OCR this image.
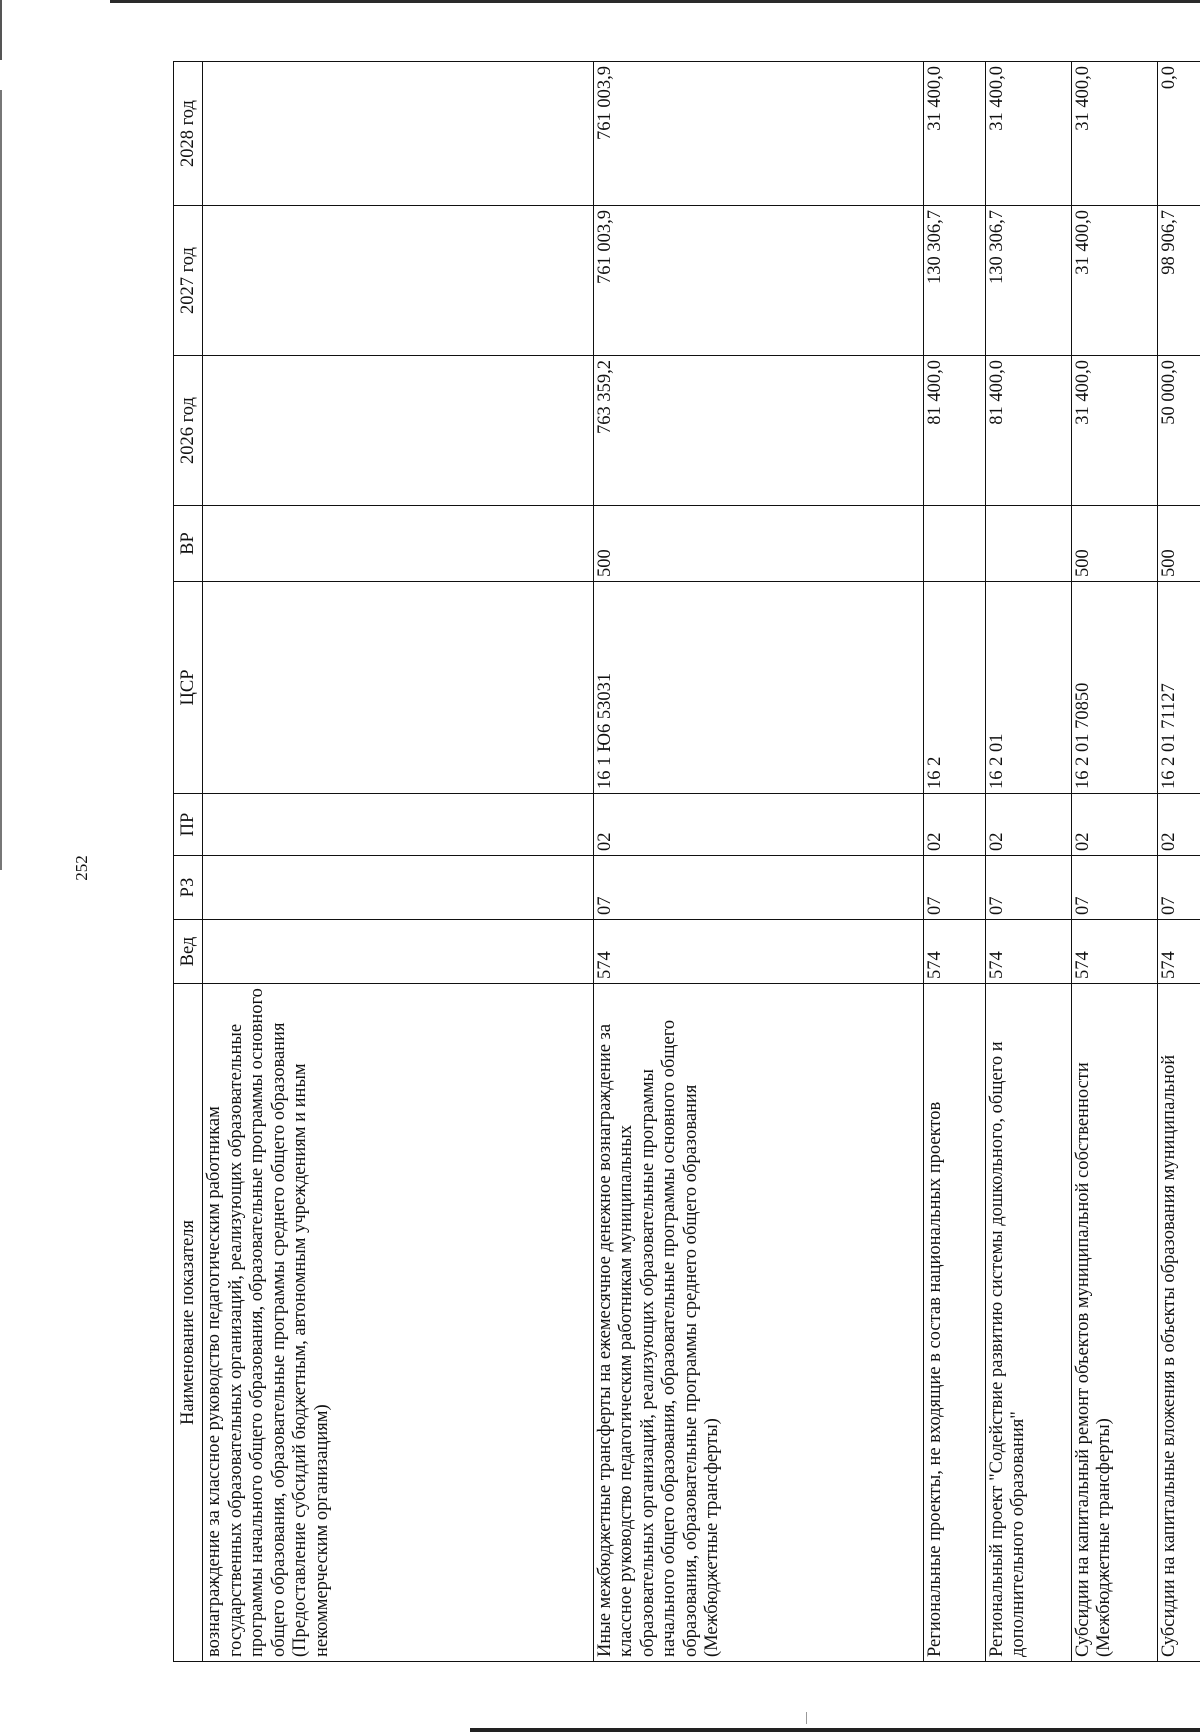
252
Наименование показателя	Вед	РЗ	ПР	ЦСР	ВР	2026 год	2027 год	2028 год
вознаграждение за классное руководство педагогическим работникам государственных образовательных организаций, реализующих образовательные программы начального общего образования, образовательные программы основного общего образования, образовательные программы среднего общего образования (Предоставление субсидий бюджетным, автономным учреждениям и иным некоммерческим организациям)								
Иные межбюджетные трансферты на ежемесячное денежное вознаграждение за классное руководство педагогическим работникам муниципальных образовательных организаций, реализующих образовательные программы начального общего образования, образовательные программы основного общего образования, образовательные программы среднего общего образования (Межбюджетные трансферты)	574	07	02	16 1 Ю6 53031	500	763 359,2	761 003,9	761 003,9
Региональные проекты, не входящие в состав национальных проектов	574	07	02	16 2		81 400,0	130 306,7	31 400,0
Региональный проект "Содействие развитию системы дошкольного, общего и дополнительного образования"	574	07	02	16 2 01		81 400,0	130 306,7	31 400,0
Субсидии на капитальный ремонт объектов муниципальной собственности (Межбюджетные трансферты)	574	07	02	16 2 01 70850	500	31 400,0	31 400,0	31 400,0
Субсидии на капитальные вложения в объекты образования муниципальной	574	07	02	16 2 01 71127	500	50 000,0	98 906,7	0,0
